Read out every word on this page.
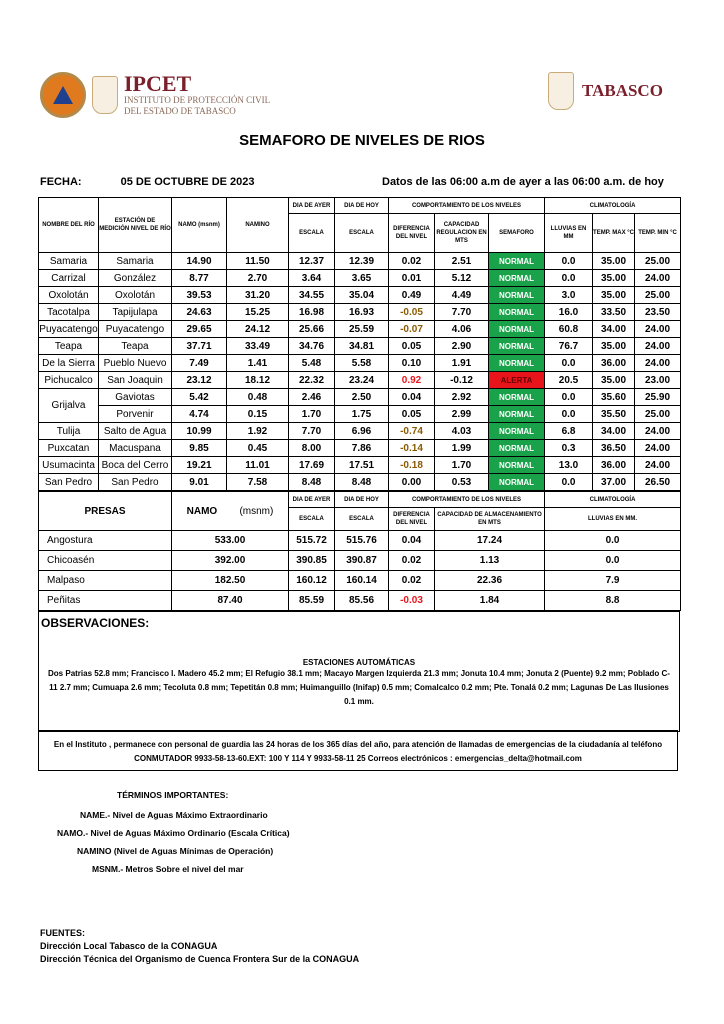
IPCET
INSTITUTO DE PROTECCIÓN CIVIL
DEL ESTADO DE TABASCO
TABASCO
SEMAFORO DE NIVELES DE RIOS
FECHA:	05 DE OCTUBRE DE 2023	Datos de las 06:00 a.m de ayer a las 06:00 a.m. de hoy
NOMBRE DEL RÍO	ESTACIÓN DE MEDICIÓN NIVEL DE RÍO	NAMO (msnm)	NAMINO	DIA DE AYER	DIA DE HOY	COMPORTAMIENTO DE LOS NIVELES			CLIMATOLOGÍA		
				ESCALA	ESCALA	DIFERENCIA DEL NIVEL	CAPACIDAD REGULACION EN MTS	SEMAFORO	LLUVIAS EN MM	TEMP. MAX °C	TEMP. MIN °C
Samaria	Samaria	14.90	11.50	12.37	12.39	0.02	2.51	NORMAL	0.0	35.00	25.00
Carrizal	González	8.77	2.70	3.64	3.65	0.01	5.12	NORMAL	0.0	35.00	24.00
Oxolotán	Oxolotán	39.53	31.20	34.55	35.04	0.49	4.49	NORMAL	3.0	35.00	25.00
Tacotalpa	Tapijulapa	24.63	15.25	16.98	16.93	-0.05	7.70	NORMAL	16.0	33.50	23.50
Puyacatengo	Puyacatengo	29.65	24.12	25.66	25.59	-0.07	4.06	NORMAL	60.8	34.00	24.00
Teapa	Teapa	37.71	33.49	34.76	34.81	0.05	2.90	NORMAL	76.7	35.00	24.00
De la Sierra	Pueblo Nuevo	7.49	1.41	5.48	5.58	0.10	1.91	NORMAL	0.0	36.00	24.00
Pichucalco	San Joaquin	23.12	18.12	22.32	23.24	0.92	-0.12	ALERTA	20.5	35.00	23.00
Grijalva	Gaviotas	5.42	0.48	2.46	2.50	0.04	2.92	NORMAL	0.0	35.60	25.90
	Porvenir	4.74	0.15	1.70	1.75	0.05	2.99	NORMAL	0.0	35.50	25.00
Tulija	Salto de Agua	10.99	1.92	7.70	6.96	-0.74	4.03	NORMAL	6.8	34.00	24.00
Puxcatan	Macuspana	9.85	0.45	8.00	7.86	-0.14	1.99	NORMAL	0.3	36.50	24.00
Usumacinta	Boca del Cerro	19.21	11.01	17.69	17.51	-0.18	1.70	NORMAL	13.0	36.00	24.00
San Pedro	San Pedro	9.01	7.58	8.48	8.48	0.00	0.53	NORMAL	0.0	37.00	26.50
PRESAS	NAMO (msnm)	DIA DE AYER	DIA DE HOY	COMPORTAMIENTO DE LOS NIVELES		CLIMATOLOGÍA
		ESCALA	ESCALA	DIFERENCIA DEL NIVEL	CAPACIDAD DE ALMACENAMIENTO EN MTS	LLUVIAS EN MM.
Angostura	533.00	515.72	515.76	0.04	17.24	0.0
Chicoasén	392.00	390.85	390.87	0.02	1.13	0.0
Malpaso	182.50	160.12	160.14	0.02	22.36	7.9
Peñitas	87.40	85.59	85.56	-0.03	1.84	8.8
OBSERVACIONES:
ESTACIONES AUTOMÁTICAS
Dos Patrias 52.8 mm; Francisco I. Madero 45.2 mm; El Refugio 38.1 mm; Macayo Margen Izquierda 21.3 mm; Jonuta 10.4 mm; Jonuta 2 (Puente) 9.2 mm; Poblado C-11 2.7 mm; Cumuapa 2.6 mm; Tecoluta 0.8 mm; Tepetitán 0.8 mm; Huimanguillo (Inifap) 0.5 mm; Comalcalco 0.2 mm; Pte. Tonalá 0.2 mm; Lagunas De Las Ilusiones 0.1 mm.
En el Instituto , permanece con personal de guardia las 24 horas de los 365 días del año, para atención de llamadas de emergencias de la ciudadanía al teléfono
CONMUTADOR 9933-58-13-60.EXT: 100 Y 114 Y 9933-58-11 25 Correos electrónicos : emergencias_delta@hotmail.com
TÉRMINOS IMPORTANTES:
NAME.- Nivel de Aguas Máximo Extraordinario
NAMO.- Nivel de Aguas Máximo Ordinario (Escala Crítica)
NAMINO (Nivel de Aguas Mínimas de Operación)
MSNM.- Metros Sobre el nivel del mar
FUENTES:
Dirección Local Tabasco de la CONAGUA
Dirección Técnica del Organismo de Cuenca Frontera Sur de la CONAGUA
